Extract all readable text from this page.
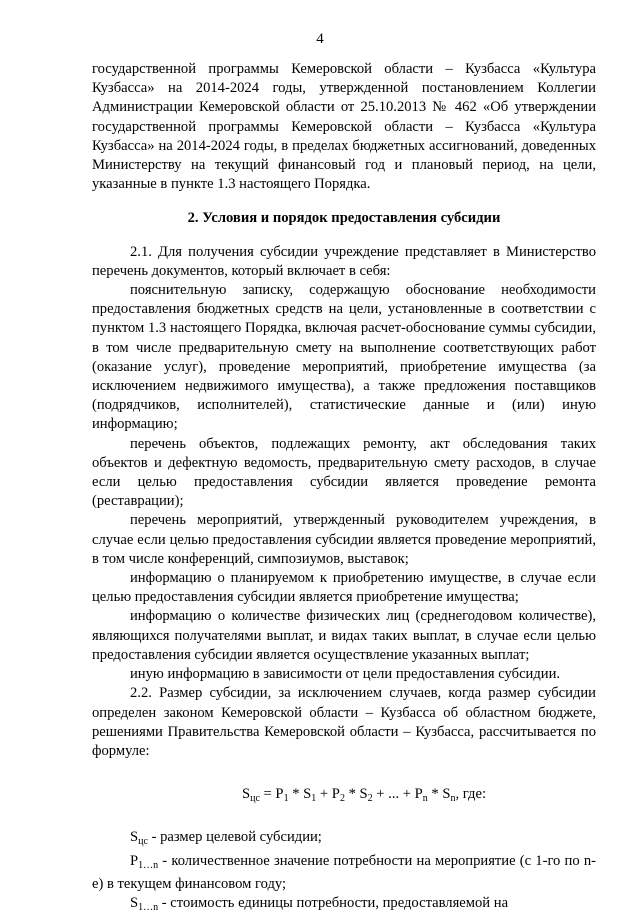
4

государственной программы Кемеровской области – Кузбасса «Культура Кузбасса» на 2014-2024 годы, утвержденной постановлением Коллегии Администрации Кемеровской области от 25.10.2013 № 462 «Об утверждении государственной программы Кемеровской области – Кузбасса «Культура Кузбасса» на 2014-2024 годы, в пределах бюджетных ассигнований, доведенных Министерству на текущий финансовый год и плановый период, на цели, указанные в пункте 1.3 настоящего Порядка.

2. Условия и порядок предоставления субсидии

2.1. Для получения субсидии учреждение представляет в Министерство перечень документов, который включает в себя:

пояснительную записку, содержащую обоснование необходимости предоставления бюджетных средств на цели, установленные в соответствии с пунктом 1.3 настоящего Порядка, включая расчет-обоснование суммы субсидии, в том числе предварительную смету на выполнение соответствующих работ (оказание услуг), проведение мероприятий, приобретение имущества (за исключением недвижимого имущества), а также предложения поставщиков (подрядчиков, исполнителей), статистические данные и (или) иную информацию;

перечень объектов, подлежащих ремонту, акт обследования таких объектов и дефектную ведомость, предварительную смету расходов, в случае если целью предоставления субсидии является проведение ремонта (реставрации);

перечень мероприятий, утвержденный руководителем учреждения, в случае если целью предоставления субсидии является проведение мероприятий, в том числе конференций, симпозиумов, выставок;

информацию о планируемом к приобретению имуществе, в случае если целью предоставления субсидии является приобретение имущества;

информацию о количестве физических лиц (среднегодовом количестве), являющихся получателями выплат, и видах таких выплат, в случае если целью предоставления субсидии является осуществление указанных выплат;

иную информацию в зависимости от цели предоставления субсидии.

2.2. Размер субсидии, за исключением случаев, когда размер субсидии определен законом Кемеровской области – Кузбасса об областном бюджете, решениями Правительства Кемеровской области – Кузбасса, рассчитывается по формуле:

$S_{цс} = P_1 * S_1 + P_2 * S_2$ + ... + $P_n * S_n$, где:

$S_{цс}$ - размер целевой субсидии;

$P_{1\dots n}$ - количественное значение потребности на мероприятие (с 1-го по n-е) в текущем финансовом году;

$S_{1\dots n}$ - стоимость единицы потребности, предоставляемой на
